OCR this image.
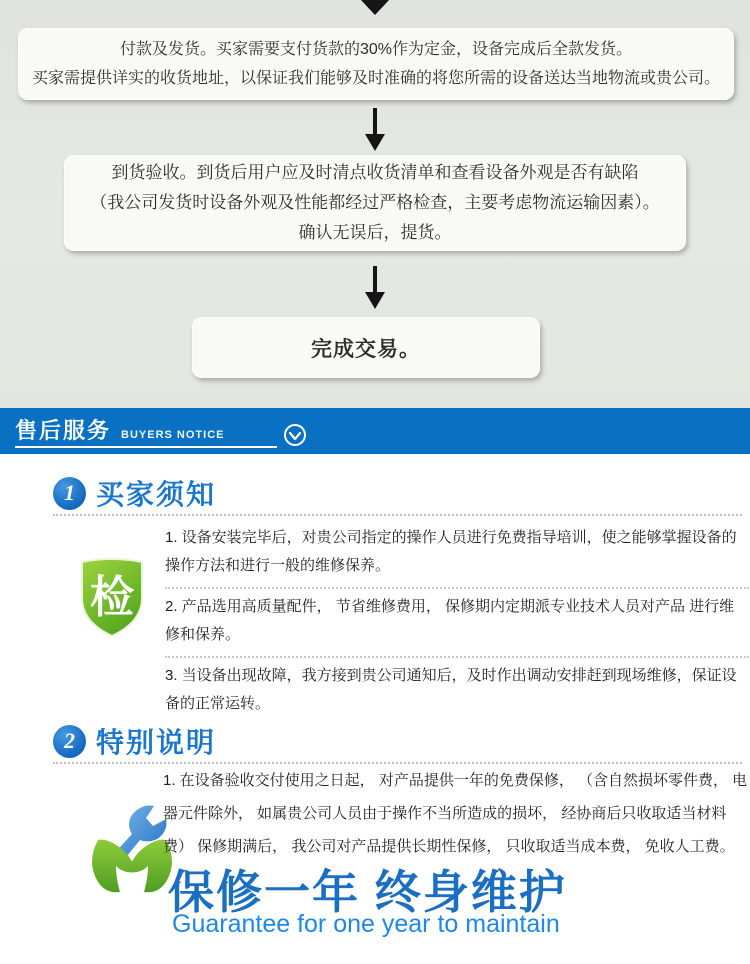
付款及发货。买家需要支付货款的30%作为定金，设备完成后全款发货。
买家需提供详实的收货地址，以保证我们能够及时准确的将您所需的设备送达当地物流或贵公司。
到货验收。到货后用户应及时清点收货清单和查看设备外观是否有缺陷
（我公司发货时设备外观及性能都经过严格检查，主要考虑物流运输因素）。
确认无误后，提货。
完成交易。
售后服务 BUYERS NOTICE
1 买家须知
检
1. 设备安装完毕后，对贵公司指定的操作人员进行免费指导培训，使之能够掌握设备的操作方法和进行一般的维修保养。
2. 产品选用高质量配件， 节省维修费用， 保修期内定期派专业技术人员对产品 进行维修和保养。
3. 当设备出现故障，我方接到贵公司通知后，及时作出调动安排赶到现场维修，保证设备的正常运转。
2 特别说明
1. 在设备验收交付使用之日起， 对产品提供一年的免费保修， （含自然损坏零件费， 电器元件除外， 如属贵公司人员由于操作不当所造成的损坏， 经协商后只收取适当材料费） 保修期满后， 我公司对产品提供长期性保修， 只收取适当成本费， 免收人工费。
保修一年 终身维护
Guarantee for one year to maintain
